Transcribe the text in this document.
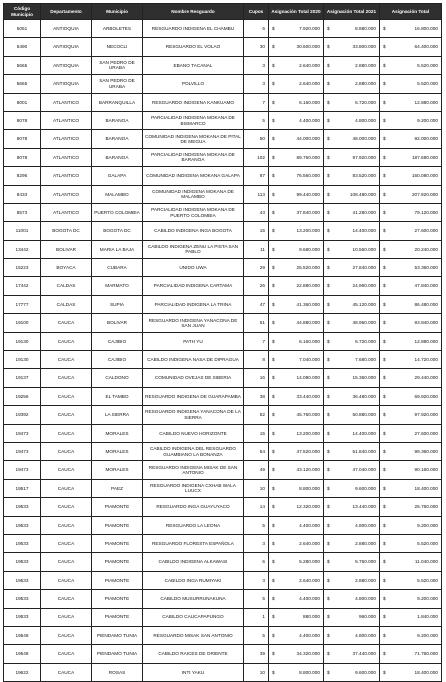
Código Municipio	Departamento	Municipio	Nombre Resguardo	Cupos	Asignación Total 2020		Asignación Total 2021		Asignación Total	
5051	ANTIOQUIA	ARBOLETES	RESGUARDO INDIGENA EL CHAMBU	6	$	7.920.000	$	8.880.000	$	16.800.000
5490	ANTIOQUIA	NECOCLI	RESGUARDO EL VOLAO	30	$	30.600.000	$	33.800.000	$	64.400.000
5665	ANTIOQUIA	SAN PEDRO DE URABA	EBANO TACANAL	3	$	2.640.000	$	2.880.000	$	5.520.000
5665	ANTIOQUIA	SAN PEDRO DE URABA	POLVILLO	3	$	2.640.000	$	2.880.000	$	5.520.000
8001	ATLANTICO	BARRANQUILLA	RESGUARDO INDIGENA KANKUAMO	7	$	6.160.000	$	6.720.000	$	12.880.000
8078	ATLANTICO	BARANOA	PARCIALIDAD INDIGENA MOKANA DE BISMARCO	5	$	4.400.000	$	4.800.000	$	9.200.000
8078	ATLANTICO	BARANOA	COMUNIDAD INDIGENA MOKANA DE PITAL DE MEGUA	50	$	44.000.000	$	48.000.000	$	92.000.000
8078	ATLANTICO	BARANOA	PARCIALIDAD INDIGENA MOKANA DE BARANOA	102	$	89.760.000	$	97.920.000	$	187.680.000
8296	ATLANTICO	GALAPA	COMUNIDAD INDIGENA MOKANA GALAPA	87	$	76.560.000	$	83.520.000	$	160.080.000
8433	ATLANTICO	MALAMBO	COMUNIDAD INDIGENA MOKANA DE MALAMBO	113	$	99.440.000	$	108.480.000	$	207.920.000
8573	ATLANTICO	PUERTO COLOMBIA	PARCIALIDAD INDIGENA MOKANA DE PUERTO COLOMBIA	43	$	37.840.000	$	41.280.000	$	79.120.000
11001	BOGOTA DC	BOGOTA DC	CABILDO INDIGENA INGA BOGOTA	15	$	13.200.000	$	14.400.000	$	27.600.000
13442	BOLIVAR	MARIA LA BAJA	CABILDO INDIGENA ZENU LA PISTA SAN PABLO	11	$	9.680.000	$	10.560.000	$	20.240.000
15223	BOYACA	CUBARA	UNIDO UWA	29	$	25.520.000	$	27.840.000	$	53.360.000
17442	CALDAS	MARMATO	PARCIALIDAD INDIGENA CARTAMA	26	$	22.880.000	$	24.960.000	$	47.840.000
17777	CALDAS	SUPIA	PARCIALIDAD INDIGENA LA TRINA	47	$	41.360.000	$	45.120.000	$	86.480.000
19100	CAUCA	BOLIVAR	RESGUARDO INDIGENA YANACONA DE SAN JUAN	51	$	44.880.000	$	48.960.000	$	93.840.000
19130	CAUCA	CAJIBIO	PATH YU	7	$	6.160.000	$	6.720.000	$	12.880.000
19130	CAUCA	CAJIBIO	CABILDO INDIGENA NASA DE DIPRAGUA	8	$	7.040.000	$	7.680.000	$	14.720.000
19137	CAUCA	CALDONO	COMUNIDAD OVEJAS DE SIBERIA	16	$	14.080.000	$	15.360.000	$	29.440.000
19256	CAUCA	EL TAMBO	RESGUARDO INDIGENA DE GUARAPAMBA	38	$	33.440.000	$	36.480.000	$	69.920.000
19392	CAUCA	LA SIERRA	RESGUARDO INDIGENA YANACONA DE LA SIERRA	52	$	45.760.000	$	50.880.000	$	97.920.000
19473	CAUCA	MORALES	CABILDO NUEVO HORIZONTE	15	$	13.200.000	$	14.400.000	$	27.600.000
19473	CAUCA	MORALES	CABILDO INDIGENA DEL RESGUARDO GUAMBIANO LA BONANZA	54	$	47.520.000	$	51.840.000	$	99.360.000
19473	CAUCA	MORALES	RESGUARDO INDIGENA MISAK DE SAN ANTONIO	49	$	43.120.000	$	47.040.000	$	90.160.000
19517	CAUCA	PAEZ	RESGUARDO INDIGENA CXHAB WALA LUUCX	10	$	8.800.000	$	9.600.000	$	18.400.000
19533	CAUCA	PIAMONTE	RESGUARDO INGA GUAYUYACO	14	$	12.320.000	$	13.440.000	$	25.760.000
19533	CAUCA	PIAMONTE	RESGUARDO LA LEONA	5	$	4.400.000	$	4.800.000	$	9.200.000
19533	CAUCA	PIAMONTE	RESGUARDO FLORESTA ESPAÑOLA	3	$	2.640.000	$	2.880.000	$	5.520.000
19533	CAUCA	PIAMONTE	CABILDO INDIGENA ALKAWASI	6	$	5.280.000	$	5.760.000	$	11.040.000
19533	CAUCA	PIAMONTE	CABILDO INGA RUMIYAKI	3	$	2.640.000	$	2.880.000	$	5.520.000
19533	CAUCA	PIAMONTE	CABILDO MUSURRUNAKUNA	5	$	4.400.000	$	4.800.000	$	9.200.000
19533	CAUCA	PIAMONTE	CABILDO CAUCAPAPUNGO	1	$	880.000	$	960.000	$	1.840.000
19548	CAUCA	PIENDAMO TUNIA	RESGUARDO MISAK SAN ANTONIO	5	$	4.400.000	$	4.800.000	$	9.200.000
19548	CAUCA	PIENDAMO TUNIA	CABILDO RAICES DE ORIENTE	39	$	34.320.000	$	37.440.000	$	71.760.000
19622	CAUCA	ROSAS	INTI YAKU	10	$	8.800.000	$	9.600.000	$	18.400.000
